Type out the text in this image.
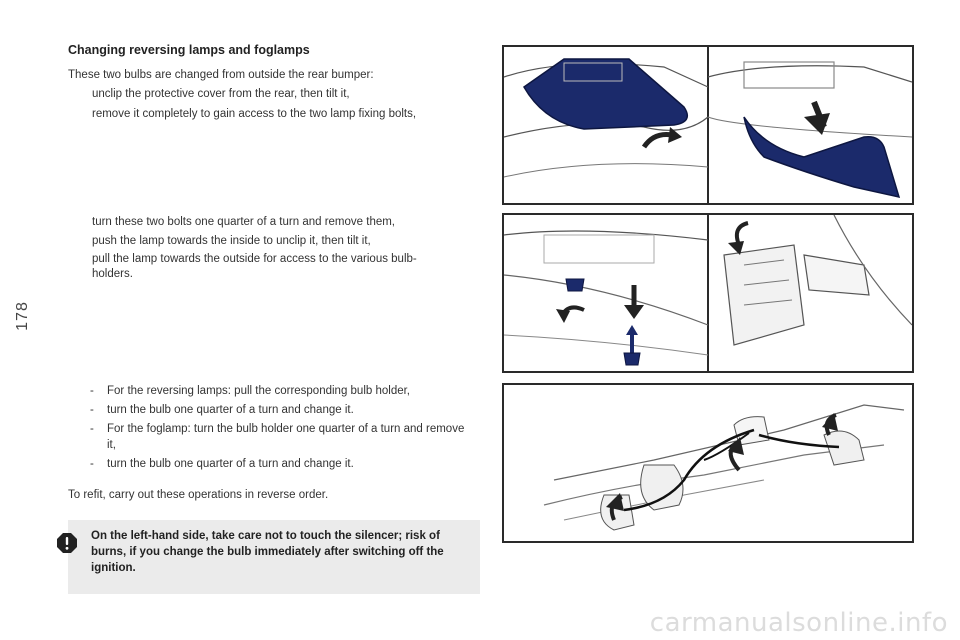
178
Changing reversing lamps and foglamps
These two bulbs are changed from outside the rear bumper:
unclip the protective cover from the rear, then tilt it,
remove it completely to gain access to the two lamp fixing bolts,
turn these two bolts one quarter of a turn and remove them,
push the lamp towards the inside to unclip it, then tilt it,
pull the lamp towards the outside for access to the various bulb-holders.
- For the reversing lamps: pull the corresponding bulb holder,
- turn the bulb one quarter of a turn and change it.
- For the foglamp: turn the bulb holder one quarter of a turn and remove it,
- turn the bulb one quarter of a turn and change it.
To refit, carry out these operations in reverse order.
On the left-hand side, take care not to touch the silencer; risk of burns, if you change the bulb immediately after switching off the ignition.
carmanualsonline.info
